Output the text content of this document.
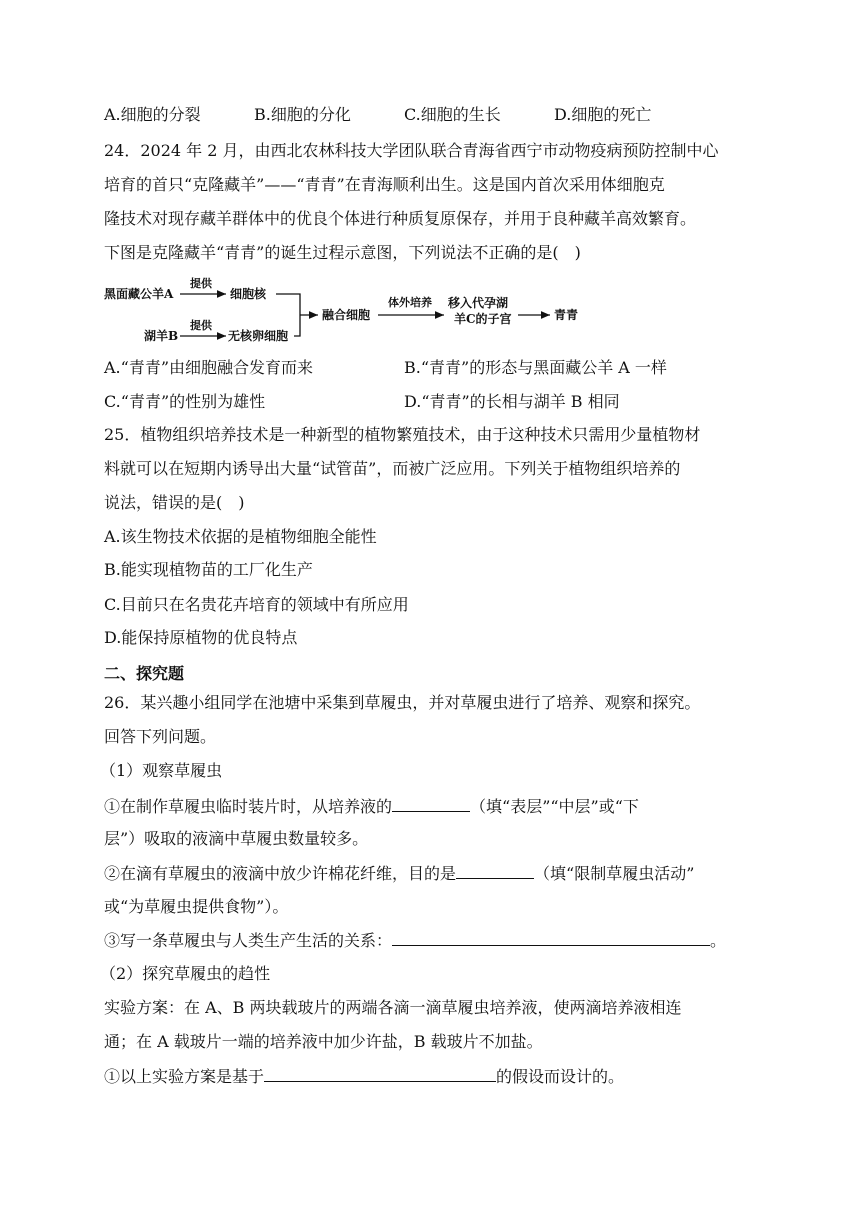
A.细胞的分裂	B.细胞的分化	C.细胞的生长	D.细胞的死亡
24．2024 年 2 月，由西北农林科技大学团队联合青海省西宁市动物疫病预防控制中心
培育的首只“克隆藏羊”——“青青”在青海顺利出生。这是国内首次采用体细胞克
隆技术对现存藏羊群体中的优良个体进行种质复原保存，并用于良种藏羊高效繁育。
下图是克隆藏羊“青青”的诞生过程示意图，下列说法不正确的是(　)
黑面藏公羊A
提供
细胞核
湖羊B
提供
无核卵细胞
融合细胞
体外培养 移入代孕湖
羊C的子宫	青青
A.“青青”由细胞融合发育而来	B.“青青”的形态与黑面藏公羊 A 一样
C.“青青”的性别为雄性	D.“青青”的长相与湖羊 B 相同
25．植物组织培养技术是一种新型的植物繁殖技术，由于这种技术只需用少量植物材
料就可以在短期内诱导出大量“试管苗”，而被广泛应用。下列关于植物组织培养的
说法，错误的是(　)
A.该生物技术依据的是植物细胞全能性
B.能实现植物苗的工厂化生产
C.目前只在名贵花卉培育的领域中有所应用
D.能保持原植物的优良特点
二、探究题
26．某兴趣小组同学在池塘中采集到草履虫，并对草履虫进行了培养、观察和探究。
回答下列问题。
（1）观察草履虫
①在制作草履虫临时装片时，从培养液的	（填“表层”“中层”或“下
层”）吸取的液滴中草履虫数量较多。
②在滴有草履虫的液滴中放少许棉花纤维，目的是	（填“限制草履虫活动”
或“为草履虫提供食物”）。
③写一条草履虫与人类生产生活的关系：	。
（2）探究草履虫的趋性
实验方案：在 A、B 两块载玻片的两端各滴一滴草履虫培养液，使两滴培养液相连
通；在 A 载玻片一端的培养液中加少许盐，B 载玻片不加盐。
①以上实验方案是基于	的假设而设计的。
